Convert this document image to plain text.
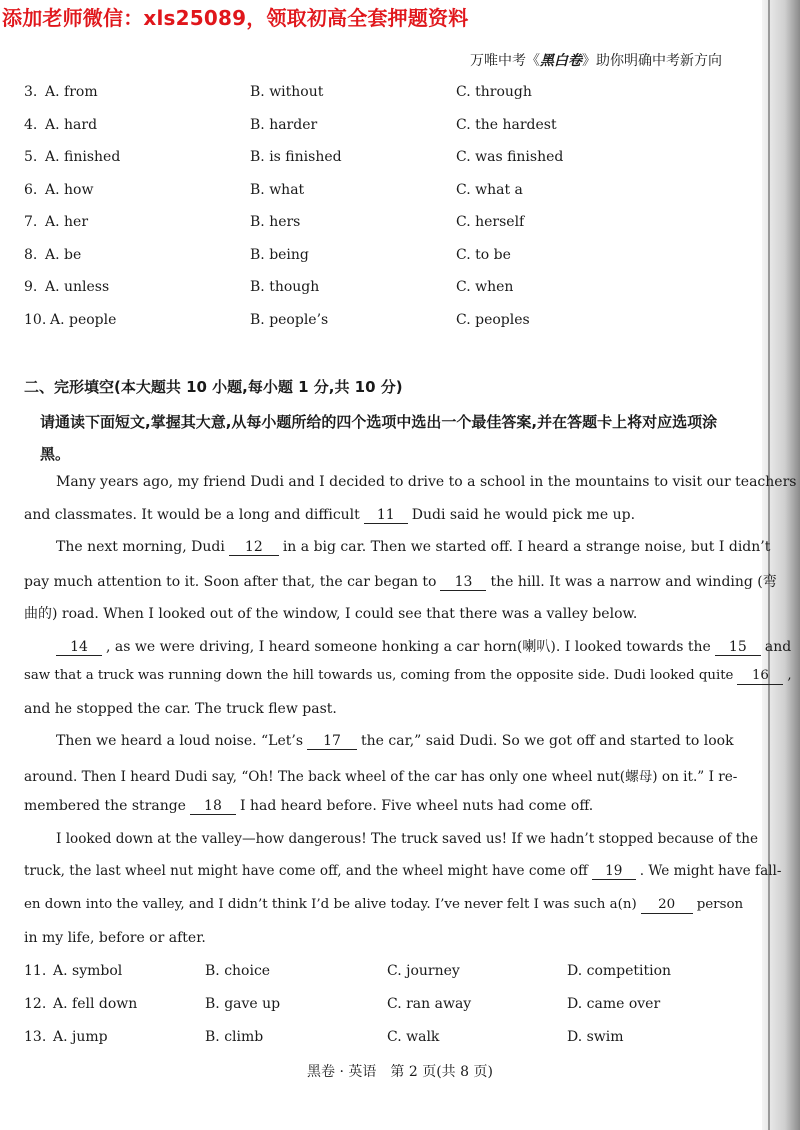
添加老师微信：xls25089，领取初高全套押题资料
万唯中考《黑白卷》助你明确中考新方向
3. A. from	B. without	C. through
4. A. hard	B. harder	C. the hardest
5. A. finished	B. is finished	C. was finished
6. A. how	B. what	C. what a
7. A. her	B. hers	C. herself
8. A. be	B. being	C. to be
9. A. unless	B. though	C. when
10. A. people	B. people’s	C. peoples
二、完形填空(本大题共 10 小题,每小题 1 分,共 10 分)
请通读下面短文,掌握其大意,从每小题所给的四个选项中选出一个最佳答案,并在答题卡上将对应选项涂黑。
Many years ago, my friend Dudi and I decided to drive to a school in the mountains to visit our teachers
and classmates. It would be a long and difficult 11 Dudi said he would pick me up.
The next morning, Dudi 12 in a big car. Then we started off. I heard a strange noise, but I didn’t
pay much attention to it. Soon after that, the car began to 13 the hill. It was a narrow and winding (弯
曲的) road. When I looked out of the window, I could see that there was a valley below.
14 , as we were driving, I heard someone honking a car horn(喇叭). I looked towards the 15 and
saw that a truck was running down the hill towards us, coming from the opposite side. Dudi looked quite 16 ,
and he stopped the car. The truck flew past.
Then we heard a loud noise. “Let’s 17 the car,” said Dudi. So we got off and started to look
around. Then I heard Dudi say, “Oh! The back wheel of the car has only one wheel nut(螺母) on it.” I re-
membered the strange 18 I had heard before. Five wheel nuts had come off.
I looked down at the valley—how dangerous! The truck saved us! If we hadn’t stopped because of the
truck, the last wheel nut might have come off, and the wheel might have come off 19 . We might have fall-
en down into the valley, and I didn’t think I’d be alive today. I’ve never felt I was such a(n) 20 person
in my life, before or after.
11. A. symbol	B. choice	C. journey	D. competition
12. A. fell down	B. gave up	C. ran away	D. came over
13. A. jump	B. climb	C. walk	D. swim
黑卷 · 英语　第 2 页(共 8 页)
